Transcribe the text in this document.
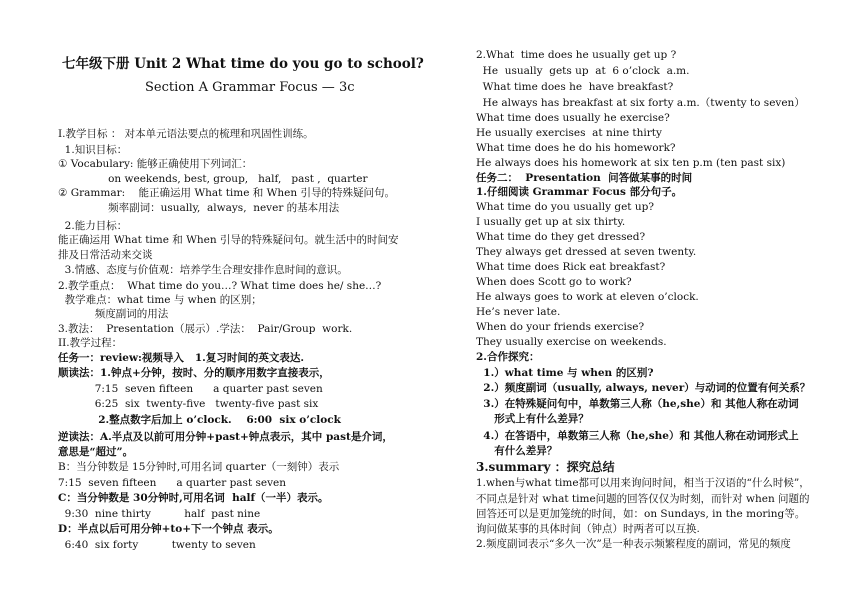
七年级下册 Unit 2 What time do you go to school?
Section A Grammar Focus — 3c
I.教学目标 ： 对本单元语法要点的梳理和巩固性训练。
1.知识目标：
① Vocabulary: 能够正确使用下列词汇：
on weekends, best, group,   half,   past ,  quarter
② Grammar:    能正确运用 What time 和 When 引导的特殊疑问句。
频率副词：usually,  always,  never 的基本用法
2.能力目标：
能正确运用 What time 和 When 引导的特殊疑问句。就生活中的时间安
排及日常活动来交谈
3.情感、态度与价值观：培养学生合理安排作息时间的意识。
2.教学重点：  What time do you…? What time does he/ she…?
教学难点：what time 与 when 的区别；
频度副词的用法
3.教法：  Presentation（展示）.学法：  Pair/Group  work.
II.教学过程：
任务一：review:视频导入   1.复习时间的英文表达.
顺读法：1.钟点+分钟，按时、分的顺序用数字直接表示，
7:15  seven fifteen      a quarter past seven
6:25  six  twenty-five   twenty-five past six
2.整点数字后加上 o’clock.    6:00  six o’clock
逆读法：A.半点及以前可用分钟+past+钟点表示，其中 past是介词，
意思是“超过”。
B：当分钟数是 15分钟时,可用名词 quarter（一刻钟）表示
7:15  seven fifteen      a quarter past seven
C：当分钟数是 30分钟时,可用名词  half（一半）表示。
9:30  nine thirty          half  past nine
D：半点以后可用分钟+to+下一个钟点 表示。
6:40  six forty          twenty to seven
2.What  time does he usually get up ?
He  usually  gets up  at  6 o’clock  a.m.
What time does he  have breakfast?
He always has breakfast at six forty a.m.（twenty to seven）
What time does usually he exercise?
He usually exercises  at nine thirty
What time does he do his homework?
He always does his homework at six ten p.m (ten past six)
任务二：  Presentation  问答做某事的时间
1.仔细阅读 Grammar Focus 部分句子。
What time do you usually get up?
I usually get up at six thirty.
What time do they get dressed?
They always get dressed at seven twenty.
What time does Rick eat breakfast?
When does Scott go to work?
He always goes to work at eleven o’clock.
He’s never late.
When do your friends exercise?
They usually exercise on weekends.
2.合作探究：
1.）what time 与 when 的区别?
2.）频度副词（usually, always, never）与动词的位置有何关系？
3.）在特殊疑问句中，单数第三人称（he,she）和 其他人称在动词
形式上有什么差异？
4.）在答语中，单数第三人称（he,she）和 其他人称在动词形式上
有什么差异？
3.summary ：探究总结
1.when与what time都可以用来询问时间，相当于汉语的“什么时候”，
不同点是针对 what time问题的回答仅仅为时刻，而针对 when 问题的
回答还可以是更加笼统的时间，如：on Sundays, in the moring等。
询问做某事的具体时间（钟点）时两者可以互换.
2.频度副词表示“多久一次”是一种表示频繁程度的副词，常见的频度
